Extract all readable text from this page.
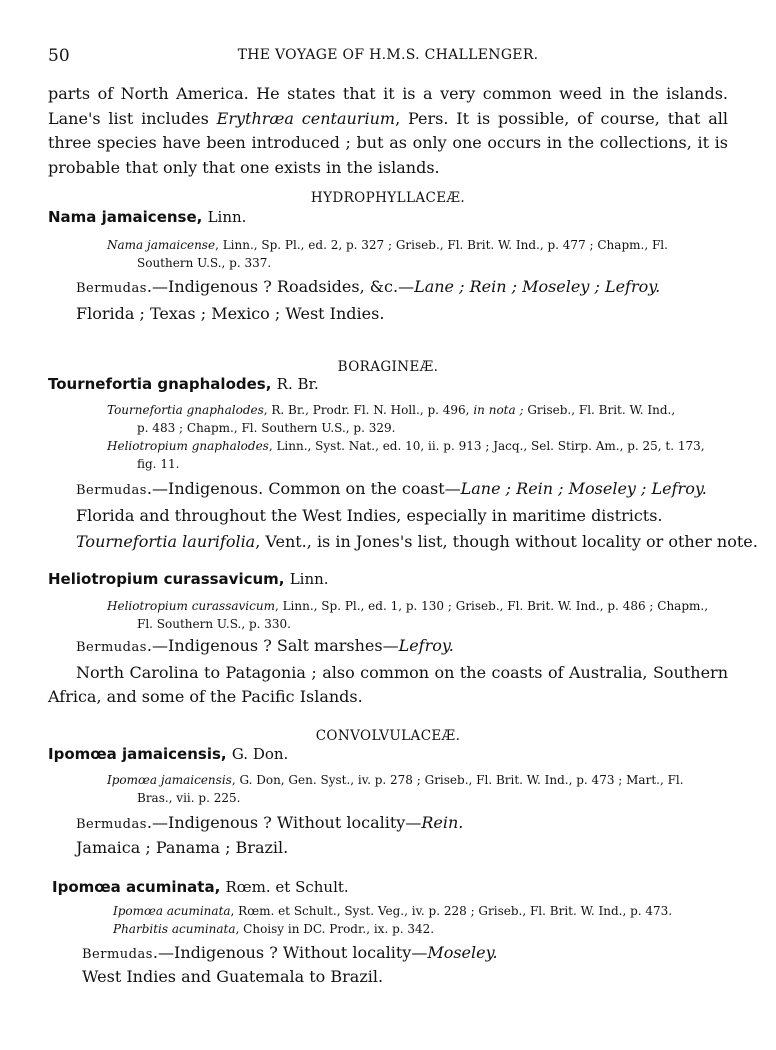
50	THE VOYAGE OF H.M.S. CHALLENGER.
parts of North America. He states that it is a very common weed in the islands. Lane's list includes Erythræa centaurium, Pers. It is possible, of course, that all three species have been introduced ; but as only one occurs in the collections, it is probable that only that one exists in the islands.
HYDROPHYLLACEÆ.
Nama jamaicense, Linn.
Nama jamaicense, Linn., Sp. Pl., ed. 2, p. 327 ; Griseb., Fl. Brit. W. Ind., p. 477 ; Chapm., Fl.
Southern U.S., p. 337.
Bermudas.—Indigenous ? Roadsides, &c.—Lane ; Rein ; Moseley ; Lefroy.
Florida ; Texas ; Mexico ; West Indies.
BORAGINEÆ.
Tournefortia gnaphalodes, R. Br.
Tournefortia gnaphalodes, R. Br., Prodr. Fl. N. Holl., p. 496, in nota ; Griseb., Fl. Brit. W. Ind.,
p. 483 ; Chapm., Fl. Southern U.S., p. 329.
Heliotropium gnaphalodes, Linn., Syst. Nat., ed. 10, ii. p. 913 ; Jacq., Sel. Stirp. Am., p. 25, t. 173,
fig. 11.
Bermudas.—Indigenous. Common on the coast—Lane ; Rein ; Moseley ; Lefroy.
Florida and throughout the West Indies, especially in maritime districts.
Tournefortia laurifolia, Vent., is in Jones's list, though without locality or other note.
Heliotropium curassavicum, Linn.
Heliotropium curassavicum, Linn., Sp. Pl., ed. 1, p. 130 ; Griseb., Fl. Brit. W. Ind., p. 486 ; Chapm.,
Fl. Southern U.S., p. 330.
Bermudas.—Indigenous ? Salt marshes—Lefroy.
North Carolina to Patagonia ; also common on the coasts of Australia, Southern Africa, and some of the Pacific Islands.
CONVOLVULACEÆ.
Ipomœa jamaicensis, G. Don.
Ipomœa jamaicensis, G. Don, Gen. Syst., iv. p. 278 ; Griseb., Fl. Brit. W. Ind., p. 473 ; Mart., Fl.
Bras., vii. p. 225.
Bermudas.—Indigenous ? Without locality—Rein.
Jamaica ; Panama ; Brazil.
Ipomœa acuminata, Rœm. et Schult.
Ipomœa acuminata, Rœm. et Schult., Syst. Veg., iv. p. 228 ; Griseb., Fl. Brit. W. Ind., p. 473.
Pharbitis acuminata, Choisy in DC. Prodr., ix. p. 342.
Bermudas.—Indigenous ? Without locality—Moseley.
West Indies and Guatemala to Brazil.
